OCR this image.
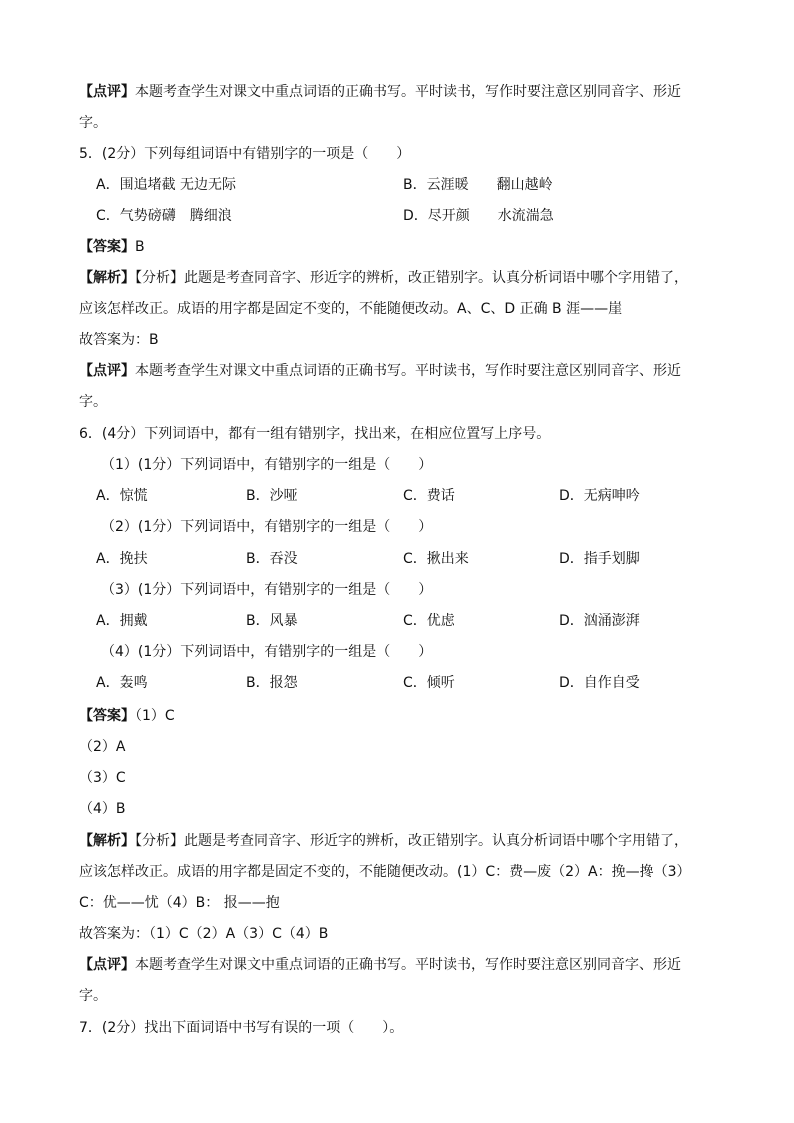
【点评】本题考查学生对课文中重点词语的正确书写。平时读书，写作时要注意区别同音字、形近
字。
5．(2分）下列每组词语中有错别字的一项是（　　）
A．围追堵截 无边无际	B．云涯暖　　翻山越岭
C．气势磅礴　腾细浪	D．尽开颜　　水流湍急
【答案】B
【解析】【分析】此题是考查同音字、形近字的辨析，改正错别字。认真分析词语中哪个字用错了，
应该怎样改正。成语的用字都是固定不变的，不能随便改动。A、C、D 正确 B 涯——崖
故答案为：B
【点评】本题考查学生对课文中重点词语的正确书写。平时读书，写作时要注意区别同音字、形近
字。
6．(4分）下列词语中，都有一组有错别字，找出来，在相应位置写上序号。
（1）(1分）下列词语中，有错别字的一组是（　　）
A．惊慌	B．沙哑	C．费话	D．无病呻吟
（2）(1分）下列词语中，有错别字的一组是（　　）
A．挽扶	B．吞没	C．揪出来	D．指手划脚
（3）(1分）下列词语中，有错别字的一组是（　　）
A．拥戴	B．风暴	C．优虑	D．汹涌澎湃
（4）(1分）下列词语中，有错别字的一组是（　　）
A．轰鸣	B．报怨	C．倾听	D．自作自受
【答案】（1）C
（2）A
（3）C
（4）B
【解析】【分析】此题是考查同音字、形近字的辨析，改正错别字。认真分析词语中哪个字用错了，
应该怎样改正。成语的用字都是固定不变的，不能随便改动。(1）C：费—废（2）A：挽—搀（3）
C：优——忧（4）B： 报——抱
故答案为：（1）C（2）A（3）C（4）B
【点评】本题考查学生对课文中重点词语的正确书写。平时读书，写作时要注意区别同音字、形近
字。
7．(2分）找出下面词语中书写有误的一项（　　）。
